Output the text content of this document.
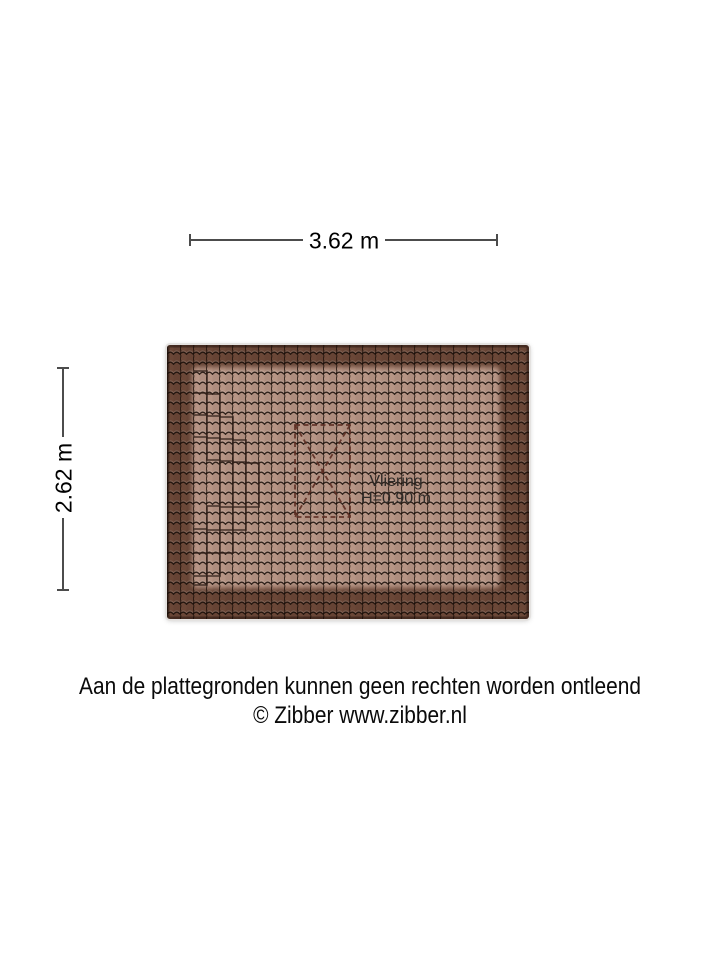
3.62 m
2.62 m	Vliering
H=0,90 m
Aan de plattegronden kunnen geen rechten worden ontleend
© Zibber www.zibber.nl
